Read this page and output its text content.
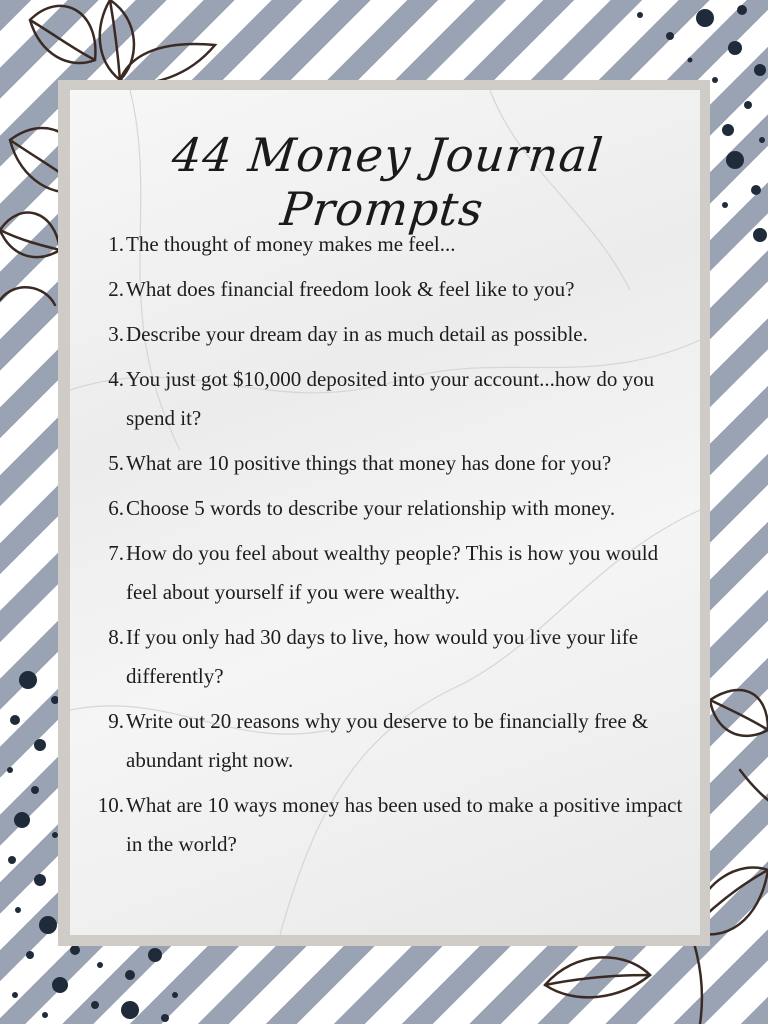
44 Money Journal Prompts
1. The thought of money makes me feel...
2. What does financial freedom look & feel like to you?
3. Describe your dream day in as much detail as possible.
4. You just got $10,000 deposited into your account...how do you spend it?
5. What are 10 positive things that money has done for you?
6. Choose 5 words to describe your relationship with money.
7. How do you feel about wealthy people? This is how you would feel about yourself if you were wealthy.
8. If you only had 30 days to live, how would you live your life differently?
9. Write out 20 reasons why you deserve to be financially free & abundant right now.
10. What are 10 ways money has been used to make a positive impact in the world?
